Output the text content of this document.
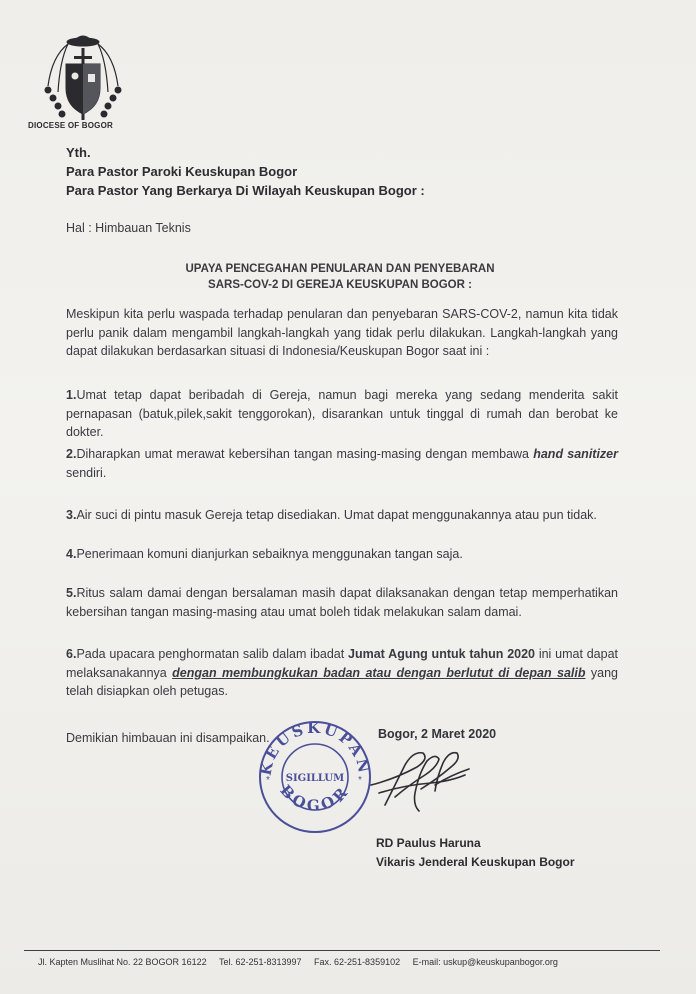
DIOCESE OF BOGOR
Yth.
Para Pastor Paroki Keuskupan Bogor
Para Pastor Yang Berkarya Di Wilayah Keuskupan Bogor :
Hal : Himbauan Teknis
UPAYA PENCEGAHAN PENULARAN DAN PENYEBARAN
SARS-COV-2 DI GEREJA KEUSKUPAN BOGOR :
Meskipun kita perlu waspada terhadap penularan dan penyebaran SARS-COV-2, namun kita tidak perlu panik dalam mengambil langkah-langkah yang tidak perlu dilakukan. Langkah-langkah yang dapat dilakukan berdasarkan situasi di Indonesia/Keuskupan Bogor saat ini :
1.Umat tetap dapat beribadah di Gereja, namun bagi mereka yang sedang menderita sakit pernapasan (batuk,pilek,sakit tenggorokan), disarankan untuk tinggal di rumah dan berobat ke dokter.
2.Diharapkan umat merawat kebersihan tangan masing-masing dengan membawa hand sanitizer sendiri.
3.Air suci di pintu masuk Gereja tetap disediakan. Umat dapat menggunakannya atau pun tidak.
4.Penerimaan komuni dianjurkan sebaiknya menggunakan tangan saja.
5.Ritus salam damai dengan bersalaman masih dapat dilaksanakan dengan tetap memperhatikan kebersihan tangan masing-masing atau umat boleh tidak melakukan salam damai.
6.Pada upacara penghormatan salib dalam ibadat Jumat Agung untuk tahun 2020 ini umat dapat melaksanakannya dengan membungkukan badan atau dengan berlutut di depan salib yang telah disiapkan oleh petugas.
Demikian himbauan ini disampaikan.	Bogor, 2 Maret 2020
KEUSKUPAN
BOGOR
SIGILLUM
*	*
RD Paulus Haruna
Vikaris Jenderal Keuskupan Bogor
Jl. Kapten Muslihat No. 22 BOGOR 16122 Tel. 62-251-8313997 Fax. 62-251-8359102 E-mail: uskup@keuskupanbogor.org
